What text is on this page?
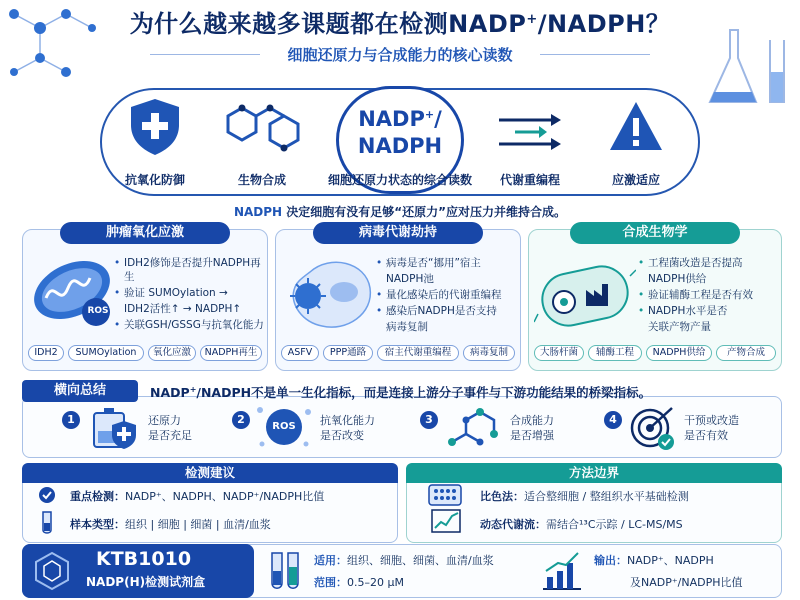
为什么越来越多课题都在检测NADP+/NADPH？
细胞还原力与合成能力的核心读数
抗氧化防御	生物合成
NADP+/
NADPH
细胞还原力状态的综合读数	代谢重编程	应激适应
NADPH 决定细胞有没有足够“还原力”应对压力并维持合成。
肿瘤氧化应激
ROS
• IDH2修饰是否提升NADPH再生
• 验证 SUMOylation →
IDH2活性↑ → NADPH↑
• 关联GSH/GSSG与抗氧化能力
IDH2	SUMOylation	氧化应激	NADPH再生
病毒代谢劫持
• 病毒是否“挪用”宿主
NADPH池
• 量化感染后的代谢重编程
• 感染后NADPH是否支持
病毒复制
ASFV	PPP通路	宿主代谢重编程	病毒复制
合成生物学
• 工程菌改造是否提高
NADPH供给
• 验证辅酶工程是否有效
• NADPH水平是否
关联产物产量
大肠杆菌	辅酶工程	NADPH供给	产物合成
横向总结	NADP+/NADPH不是单一生化指标，而是连接上游分子事件与下游功能结果的桥梁指标。
1	还原力
是否充足
2
ROS	抗氧化能力
是否改变
3	合成能力
是否增强
4	干预或改造
是否有效
检测建议
重点检测：NADP⁺、NADPH、NADP⁺/NADPH比值
样本类型：组织 | 细胞 | 细菌 | 血清/血浆
方法边界
比色法：适合整细胞 / 整组织水平基础检测
动态代谢流：需结合¹³C示踪 / LC-MS/MS
KTB1010
NADP(H)检测试剂盒
适用：组织、细胞、细菌、血清/血浆
范围：0.5–20 μM
输出：NADP⁺、NADPH
及NADP⁺/NADPH比值
